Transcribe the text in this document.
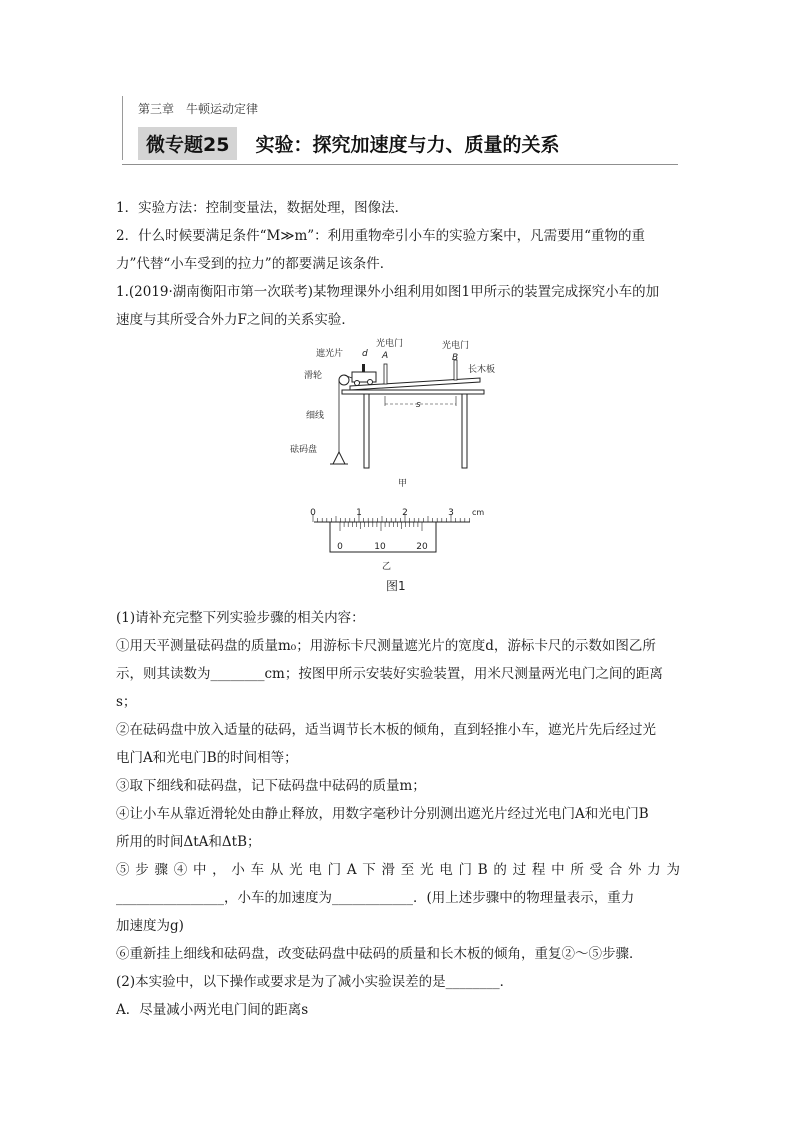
第三章　牛顿运动定律
微专题25	实验：探究加速度与力、质量的关系
1．实验方法：控制变量法，数据处理，图像法．
2．什么时候要满足条件“M≫m”：利用重物牵引小车的实验方案中，凡需要用“重物的重
力”代替“小车受到的拉力”的都要满足该条件．
1.(2019·湖南衡阳市第一次联考)某物理课外小组利用如图1甲所示的装置完成探究小车的加
速度与其所受合外力F之间的关系实验．
遮光片 d
光电门
A
光电门
B
长木板
滑轮
s
细线
砝码盘
甲
0	1	2	3 cm
0	10	20
乙
图1
(1)请补充完整下列实验步骤的相关内容：
①用天平测量砝码盘的质量m₀；用游标卡尺测量遮光片的宽度d，游标卡尺的示数如图乙所
示，则其读数为________cm；按图甲所示安装好实验装置，用米尺测量两光电门之间的距离
s；
②在砝码盘中放入适量的砝码，适当调节长木板的倾角，直到轻推小车，遮光片先后经过光
电门A和光电门B的时间相等；
③取下细线和砝码盘，记下砝码盘中砝码的质量m；
④让小车从靠近滑轮处由静止释放，用数字毫秒计分别测出遮光片经过光电门A和光电门B
所用的时间ΔtA和ΔtB；
⑤步骤④中，小车从光电门A下滑至光电门B的过程中所受合外力为
________________，小车的加速度为____________．(用上述步骤中的物理量表示，重力
加速度为g)
⑥重新挂上细线和砝码盘，改变砝码盘中砝码的质量和长木板的倾角，重复②～⑤步骤．
(2)本实验中，以下操作或要求是为了减小实验误差的是________．
A．尽量减小两光电门间的距离s
